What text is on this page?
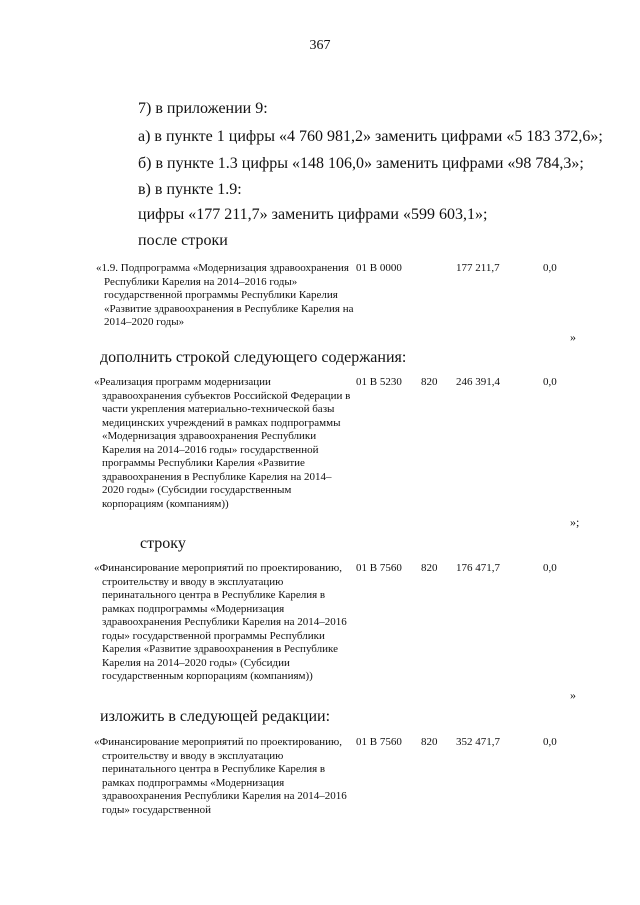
367
7) в приложении 9:
а) в пункте 1 цифры «4 760 981,2» заменить цифрами «5 183 372,6»;
б) в пункте 1.3 цифры «148 106,0» заменить цифрами «98 784,3»;
в) в пункте 1.9:
цифры «177 211,7» заменить цифрами «599 603,1»;
после строки
«1.9. Подпрограмма «Модернизация здравоохранения Республики Карелия на 2014–2016 годы» государственной программы Республики Карелия «Развитие здравоохранения в Республике Карелия на 2014–2020 годы»
01 В 0000	177 211,7	0,0
»
дополнить строкой следующего содержания:
«Реализация программ модернизации здравоохранения субъектов Российской Федерации в части укрепления материально-технической базы медицинских учреждений в рамках подпрограммы «Модернизация здравоохранения Республики Карелия на 2014–2016 годы» государственной программы Республики Карелия «Развитие здравоохранения в Республике Карелия на 2014–2020 годы» (Субсидии государственным корпорациям (компаниям))
01 В 5230 820 246 391,4	0,0
»;
строку
«Финансирование мероприятий по проектированию, строительству и вводу в эксплуатацию перинатального центра в Республике Карелия в рамках подпрограммы «Модернизация здравоохранения Республики Карелия на 2014–2016 годы» государственной программы Республики Карелия «Развитие здравоохранения в Республике Карелия на 2014–2020 годы» (Субсидии государственным корпорациям (компаниям))
01 В 7560 820 176 471,7	0,0
»
изложить в следующей редакции:
«Финансирование мероприятий по проектированию, строительству и вводу в эксплуатацию перинатального центра в Республике Карелия в рамках подпрограммы «Модернизация здравоохранения Республики Карелия на 2014–2016 годы» государственной
01 В 7560 820 352 471,7	0,0
